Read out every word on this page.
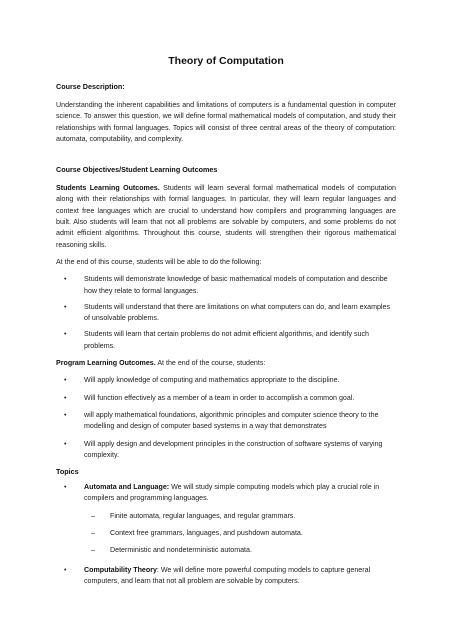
Theory of Computation
Course Description:

Understanding the inherent capabilities and limitations of computers is a fundamental question in computer science. To answer this question, we will define formal mathematical models of computation, and study their relationships with formal languages. Topics will consist of three central areas of the theory of computation: automata, computability, and complexity.

Course Objectives/Student Learning Outcomes

Students Learning Outcomes. Students will learn several formal mathematical models of computation along with their relationships with formal languages. In particular, they will learn regular languages and context free languages which are crucial to understand how compilers and programming languages are built. Also students will learn that not all problems are solvable by computers, and some problems do not admit efficient algorithms. Throughout this course, students will strengthen their rigorous mathematical reasoning skills.

At the end of this course, students will be able to do the following:

• Students will demonstrate knowledge of basic mathematical models of computation and describe how they relate to formal languages.
• Students will understand that there are limitations on what computers can do, and learn examples of unsolvable problems.
• Students will learn that certain problems do not admit efficient algorithms, and identify such problems.

Program Learning Outcomes. At the end of the course, students:

• Will apply knowledge of computing and mathematics appropriate to the discipline.
• Will function effectively as a member of a team in order to accomplish a common goal.
• will apply mathematical foundations, algorithmic principles and computer science theory to the modelling and design of computer based systems in a way that demonstrates
• Will apply design and development principles in the construction of software systems of varying complexity.
Topics
• Automata and Language: We will study simple computing models which play a crucial role in compilers and programming languages.
– Finite automata, regular languages, and regular grammars.
– Context free grammars, languages, and pushdown automata.
– Deterministic and nondeterministic automata.
• Computability Theory: We will define more powerful computing models to capture general computers, and learn that not all problem are solvable by computers.
